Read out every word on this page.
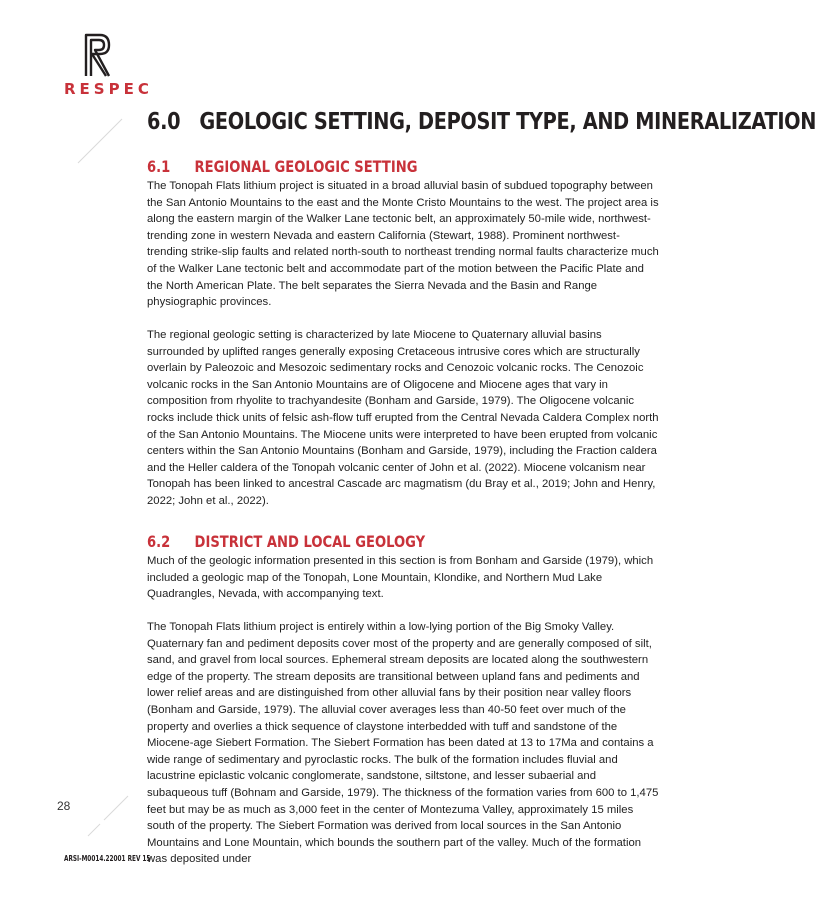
RESPEC
6.0 GEOLOGIC SETTING, DEPOSIT TYPE, AND MINERALIZATION
6.1 REGIONAL GEOLOGIC SETTING

The Tonopah Flats lithium project is situated in a broad alluvial basin of subdued topography between the San Antonio Mountains to the east and the Monte Cristo Mountains to the west. The project area is along the eastern margin of the Walker Lane tectonic belt, an approximately 50-mile wide, northwest-trending zone in western Nevada and eastern California (Stewart, 1988). Prominent northwest-trending strike-slip faults and related north-south to northeast trending normal faults characterize much of the Walker Lane tectonic belt and accommodate part of the motion between the Pacific Plate and the North American Plate. The belt separates the Sierra Nevada and the Basin and Range physiographic provinces.

The regional geologic setting is characterized by late Miocene to Quaternary alluvial basins surrounded by uplifted ranges generally exposing Cretaceous intrusive cores which are structurally overlain by Paleozoic and Mesozoic sedimentary rocks and Cenozoic volcanic rocks. The Cenozoic volcanic rocks in the San Antonio Mountains are of Oligocene and Miocene ages that vary in composition from rhyolite to trachyandesite (Bonham and Garside, 1979). The Oligocene volcanic rocks include thick units of felsic ash-flow tuff erupted from the Central Nevada Caldera Complex north of the San Antonio Mountains. The Miocene units were interpreted to have been erupted from volcanic centers within the San Antonio Mountains (Bonham and Garside, 1979), including the Fraction caldera and the Heller caldera of the Tonopah volcanic center of John et al. (2022). Miocene volcanism near Tonopah has been linked to ancestral Cascade arc magmatism (du Bray et al., 2019; John and Henry, 2022; John et al., 2022).

6.2 DISTRICT AND LOCAL GEOLOGY

Much of the geologic information presented in this section is from Bonham and Garside (1979), which included a geologic map of the Tonopah, Lone Mountain, Klondike, and Northern Mud Lake Quadrangles, Nevada, with accompanying text.

The Tonopah Flats lithium project is entirely within a low-lying portion of the Big Smoky Valley. Quaternary fan and pediment deposits cover most of the property and are generally composed of silt, sand, and gravel from local sources. Ephemeral stream deposits are located along the southwestern edge of the property. The stream deposits are transitional between upland fans and pediments and lower relief areas and are distinguished from other alluvial fans by their position near valley floors (Bonham and Garside, 1979). The alluvial cover averages less than 40-50 feet over much of the property and overlies a thick sequence of claystone interbedded with tuff and sandstone of the Miocene-age Siebert Formation. The Siebert Formation has been dated at 13 to 17Ma and contains a wide range of sedimentary and pyroclastic rocks. The bulk of the formation includes fluvial and lacustrine epiclastic volcanic conglomerate, sandstone, siltstone, and lesser subaerial and subaqueous tuff (Bohnam and Garside, 1979). The thickness of the formation varies from 600 to 1,475 feet but may be as much as 3,000 feet in the center of Montezuma Valley, approximately 15 miles south of the property. The Siebert Formation was derived from local sources in the San Antonio Mountains and Lone Mountain, which bounds the southern part of the valley. Much of the formation was deposited under

28
ARSI-M0014.22001 REV 15
